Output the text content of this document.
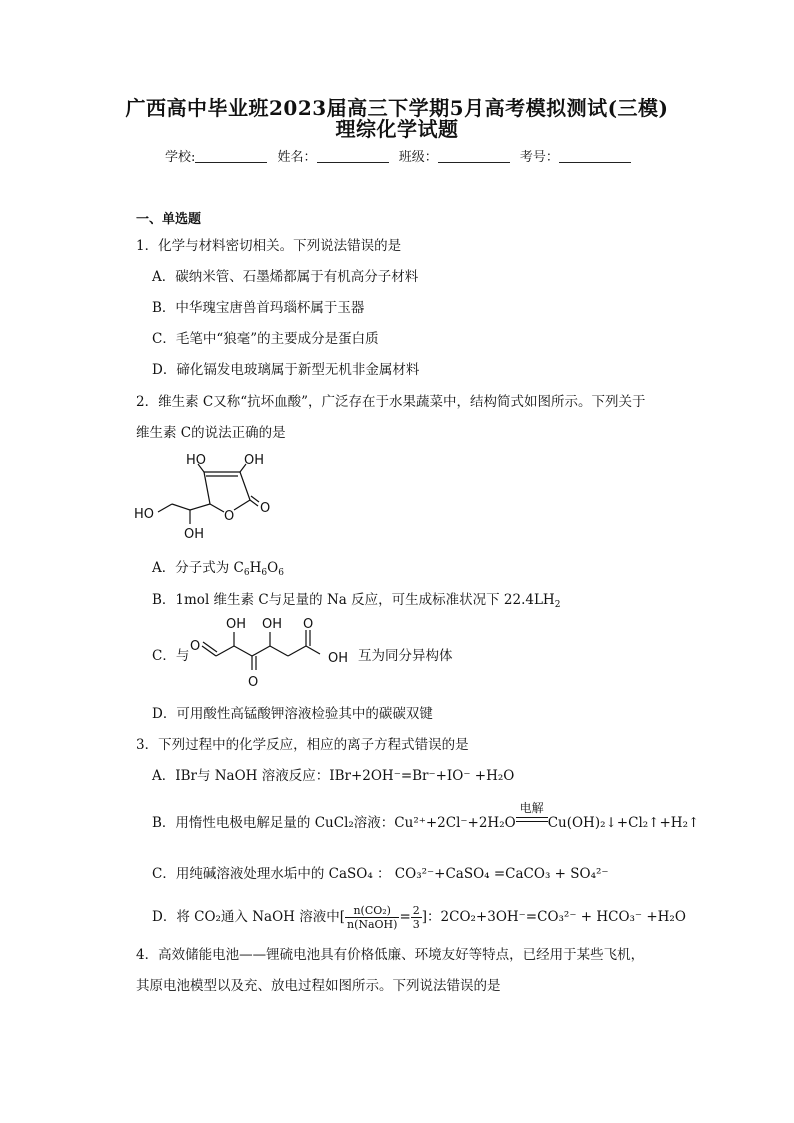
广西高中毕业班2023届高三下学期5月高考模拟测试(三模)
理综化学试题
学校:	姓名：	班级：	考号：
一、单选题
1．化学与材料密切相关。下列说法错误的是
A．碳纳米管、石墨烯都属于有机高分子材料
B．中华瑰宝唐兽首玛瑙杯属于玉器
C．毛笔中“狼毫”的主要成分是蛋白质
D．碲化镉发电玻璃属于新型无机非金属材料
2．维生素 C又称“抗坏血酸”，广泛存在于水果蔬菜中，结构简式如图所示。下列关于
维生素 C的说法正确的是
HO	OH
HO
OH
O
O
A．分子式为 $C_6H_6O_6$
B．1mol 维生素 C与足量的 Na 反应，可生成标准状况下 $22.4LH_2$
C．与
O
OH
O
OH O
OH 互为同分异构体
D．可用酸性高锰酸钾溶液检验其中的碳碳双键
3．下列过程中的化学反应，相应的离子方程式错误的是
A．IBr与 NaOH 溶液反应：IBr+2OH⁻=Br⁻+IO⁻ +H₂O
B．用惰性电极电解足量的 CuCl₂溶液：Cu²⁺+2Cl⁻+2H₂O
电解
Cu(OH)₂↓+Cl₂↑+H₂↑
C．用纯碱溶液处理水垢中的 CaSO₄ ： CO₃²⁻+CaSO₄ =CaCO₃ + SO₄²⁻
D．将 CO₂通入 NaOH 溶液中[ $\frac{\text{n(CO₂)}}{\text{n(NaOH)}} = \frac{2}{3}$ ]：2CO₂+3OH⁻=CO₃²⁻ + HCO₃⁻ +H₂O
4．高效储能电池——锂硫电池具有价格低廉、环境友好等特点，已经用于某些飞机，
其原电池模型以及充、放电过程如图所示。下列说法错误的是
